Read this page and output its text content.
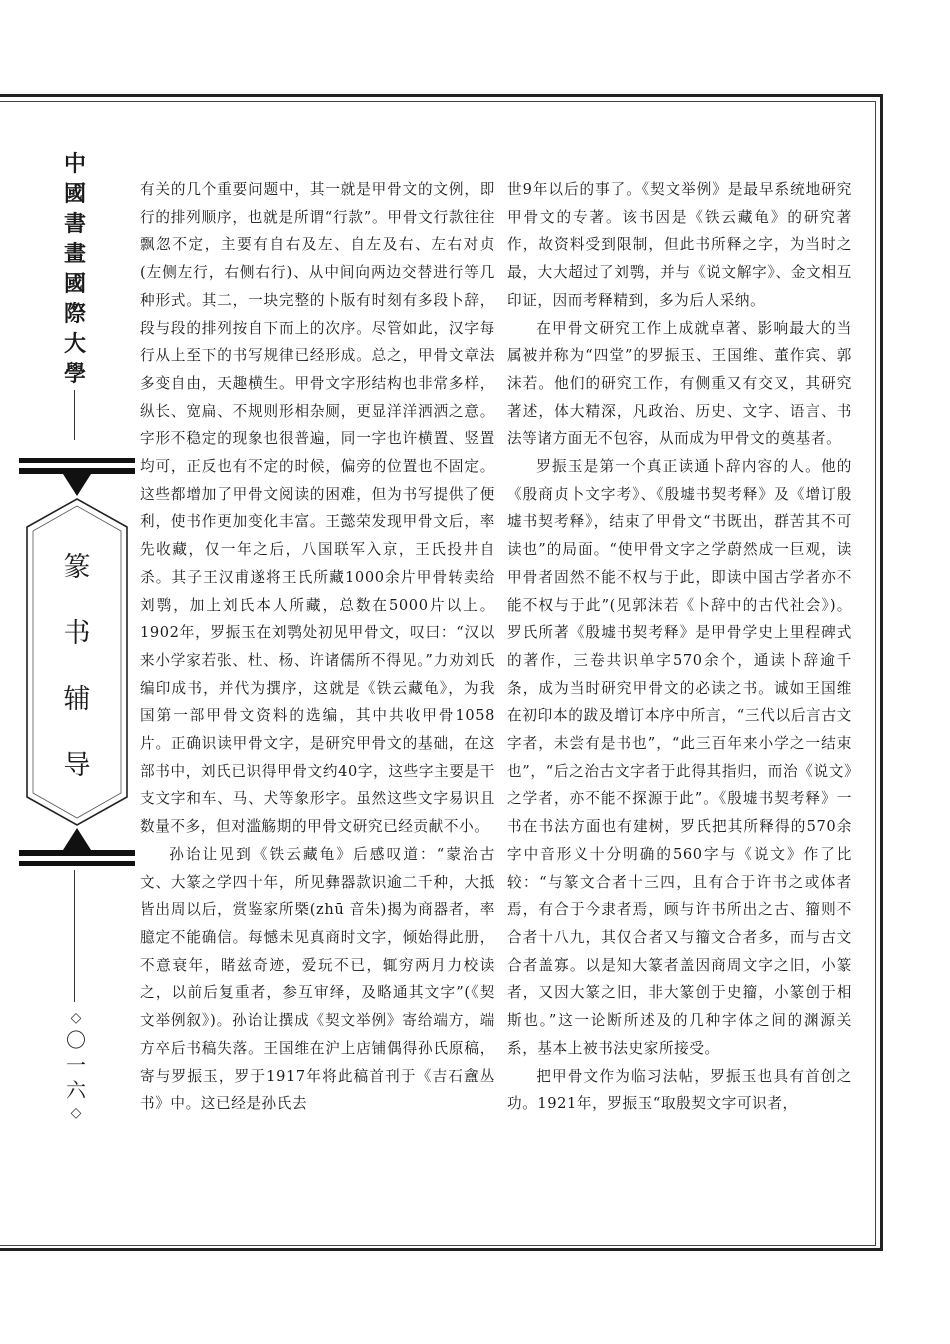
中
國
書
畫
國
際
大
學
篆
书
辅
导
◇
〇
一
六
◇

有关的几个重要问题中，其一就是甲骨文的文例，即行的排列顺序，也就是所谓“行款”。甲骨文行款往往飘忽不定，主要有自右及左、自左及右、左右对贞(左侧左行，右侧右行)、从中间向两边交替进行等几种形式。其二，一块完整的卜版有时刻有多段卜辞，段与段的排列按自下而上的次序。尽管如此，汉字每行从上至下的书写规律已经形成。总之，甲骨文章法多变自由，天趣横生。甲骨文字形结构也非常多样，纵长、宽扁、不规则形相杂厕，更显洋洋洒洒之意。字形不稳定的现象也很普遍，同一字也许横置、竖置均可，正反也有不定的时候，偏旁的位置也不固定。这些都增加了甲骨文阅读的困难，但为书写提供了便利，使书作更加变化丰富。王懿荣发现甲骨文后，率先收藏，仅一年之后，八国联军入京，王氏投井自杀。其子王汉甫遂将王氏所藏1000余片甲骨转卖给刘鹗，加上刘氏本人所藏，总数在5000片以上。1902年，罗振玉在刘鹗处初见甲骨文，叹曰：“汉以来小学家若张、杜、杨、许诸儒所不得见。”力劝刘氏编印成书，并代为撰序，这就是《铁云藏龟》，为我国第一部甲骨文资料的选编，其中共收甲骨1058片。正确识读甲骨文字，是研究甲骨文的基础，在这部书中，刘氏已识得甲骨文约40字，这些字主要是干支文字和车、马、犬等象形字。虽然这些文字易识且数量不多，但对滥觞期的甲骨文研究已经贡献不小。

孙诒让见到《铁云藏龟》后感叹道：“蒙治古文、大篆之学四十年，所见彝器款识逾二千种，大抵皆出周以后，赏鉴家所槩(zhū 音朱)揭为商器者，率臆定不能确信。每憾未见真商时文字，倾始得此册，不意衰年，睹兹奇迹，爱玩不已，辄穷两月力校读之，以前后复重者，参互审绎，及略通其文字”(《契文举例叙》)。孙诒让撰成《契文举例》寄给端方，端方卒后书稿失落。王国维在沪上店铺偶得孙氏原稿，寄与罗振玉，罗于1917年将此稿首刊于《吉石盦丛书》中。这已经是孙氏去

世9年以后的事了。《契文举例》是最早系统地研究甲骨文的专著。该书因是《铁云藏龟》的研究著作，故资料受到限制，但此书所释之字，为当时之最，大大超过了刘鹗，并与《说文解字》、金文相互印证，因而考释精到，多为后人采纳。

在甲骨文研究工作上成就卓著、影响最大的当属被并称为“四堂”的罗振玉、王国维、董作宾、郭沫若。他们的研究工作，有侧重又有交叉，其研究著述，体大精深，凡政治、历史、文字、语言、书法等诸方面无不包容，从而成为甲骨文的奠基者。

罗振玉是第一个真正读通卜辞内容的人。他的《殷商贞卜文字考》、《殷墟书契考释》及《增订殷墟书契考释》，结束了甲骨文“书既出，群苦其不可读也”的局面。“使甲骨文字之学蔚然成一巨观，读甲骨者固然不能不权与于此，即读中国古学者亦不能不权与于此”(见郭沫若《卜辞中的古代社会》)。罗氏所著《殷墟书契考释》是甲骨学史上里程碑式的著作，三卷共识单字570余个，通读卜辞逾千条，成为当时研究甲骨文的必读之书。诚如王国维在初印本的跋及增订本序中所言，“三代以后言古文字者，未尝有是书也”，“此三百年来小学之一结束也”，“后之治古文字者于此得其指归，而治《说文》之学者，亦不能不探源于此”。《殷墟书契考释》一书在书法方面也有建树，罗氏把其所释得的570余字中音形义十分明确的560字与《说文》作了比较：“与篆文合者十三四，且有合于许书之或体者焉，有合于今隶者焉，顾与许书所出之古、籀则不合者十八九，其仅合者又与籀文合者多，而与古文合者盖寡。以是知大篆者盖因商周文字之旧，小篆者，又因大篆之旧，非大篆创于史籀，小篆创于相斯也。”这一论断所述及的几种字体之间的渊源关系，基本上被书法史家所接受。

把甲骨文作为临习法帖，罗振玉也具有首创之功。1921年，罗振玉“取殷契文字可识者，
